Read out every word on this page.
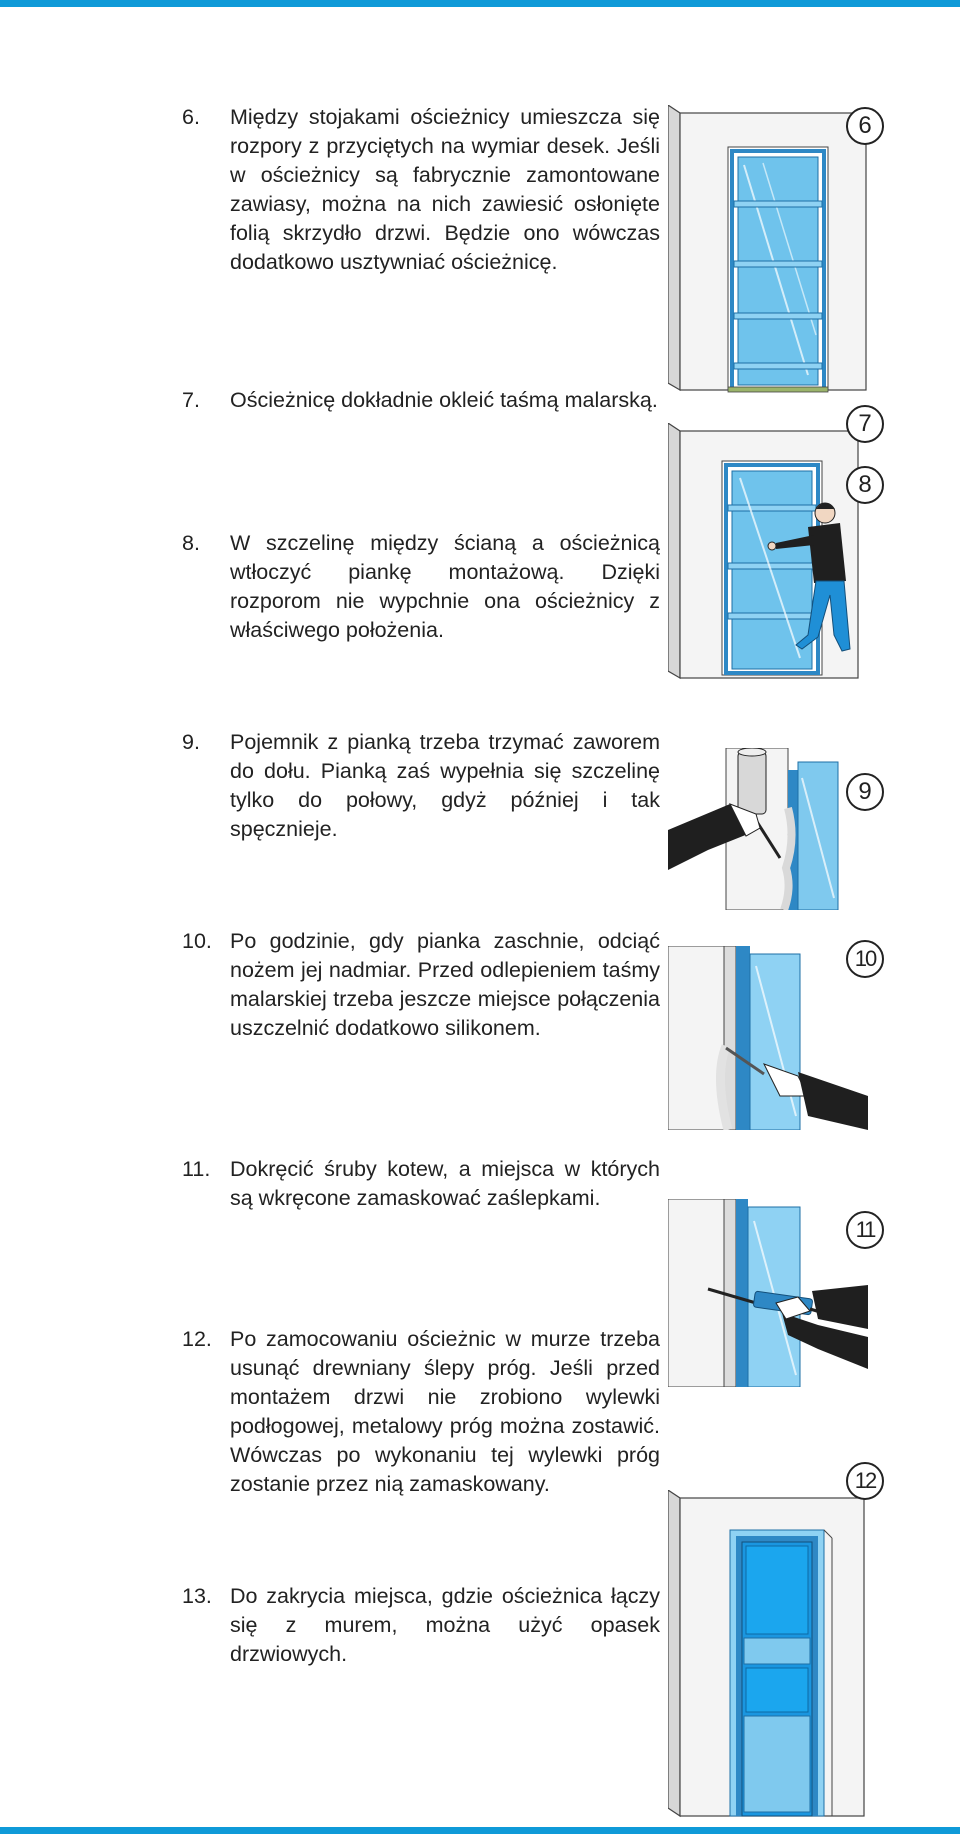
6. Między stojakami ościeżnicy umieszcza się rozpory z przyciętych na wymiar desek. Jeśli w ościeżnicy są fabrycznie zamontowane zawiasy, można na nich zawiesić osłonięte folią skrzydło drzwi. Będzie ono wówczas dodatkowo usztywniać ościeżnicę.
7. Ościeżnicę dokładnie okleić taśmą malarską.
8. W szczelinę między ścianą a ościeżnicą wtłoczyć piankę montażową. Dzięki rozporom nie wypchnie ona ościeżnicy z właściwego położenia.
9. Pojemnik z pianką trzeba trzymać zaworem do dołu. Pianką zaś wypełnia się szczelinę tylko do połowy, gdyż później i tak spęcznieje.
10. Po godzinie, gdy pianka zaschnie, odciąć nożem jej nadmiar. Przed odlepieniem taśmy malarskiej trzeba jeszcze miejsce połączenia uszczelnić dodatkowo silikonem.
11. Dokręcić śruby kotew, a miejsca w których są wkręcone zamaskować zaślepkami.
12. Po zamocowaniu ościeżnic w murze trzeba usunąć drewniany ślepy próg. Jeśli przed montażem drzwi nie zrobiono wylewki podłogowej, metalowy próg można zostawić. Wówczas po wykonaniu tej wylewki próg zostanie przez nią zamaskowany.
13. Do zakrycia miejsca, gdzie ościeżnica łączy się z murem, można użyć opasek drzwiowych.
6
7
8
9
10
11
12
